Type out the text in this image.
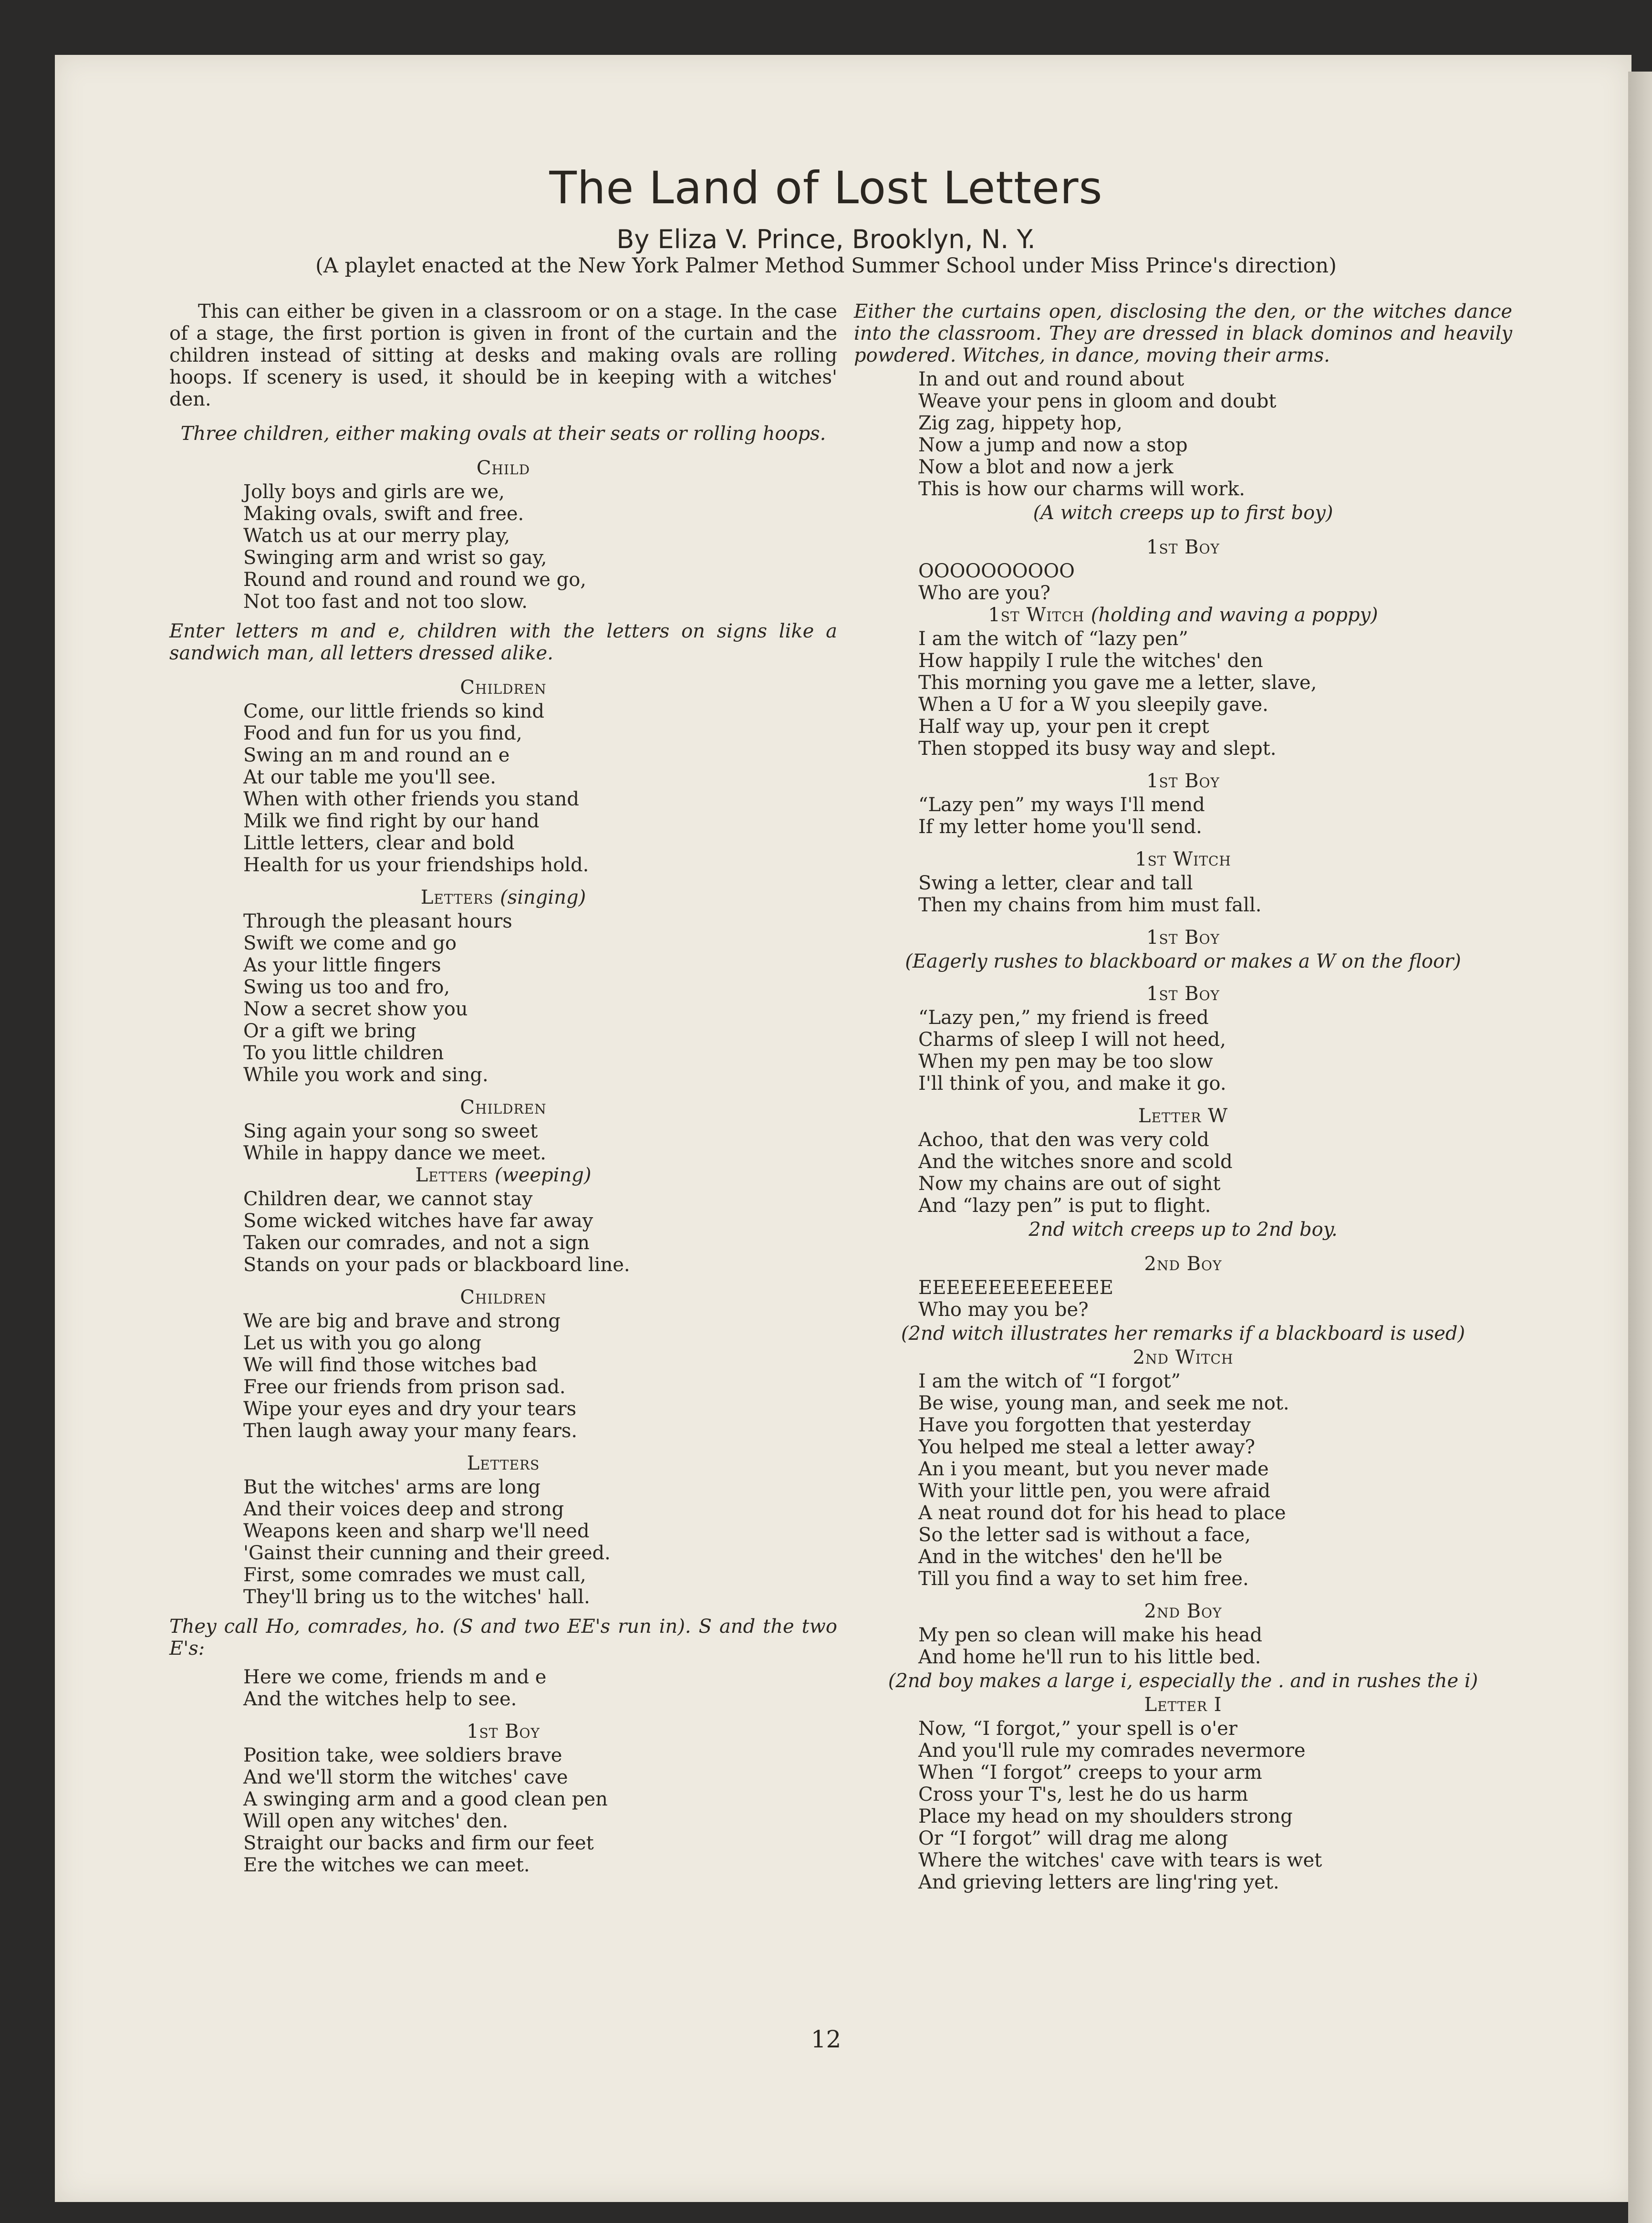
The Land of Lost Letters
By Eliza V. Prince, Brooklyn, N. Y.
(A playlet enacted at the New York Palmer Method Summer School under Miss Prince's direction)

This can either be given in a classroom or on a stage. In the case of a stage, the first portion is given in front of the curtain and the children instead of sitting at desks and making ovals are rolling hoops. If scenery is used, it should be in keeping with a witches' den.

Three children, either making ovals at their seats or rolling hoops.
Child
Jolly boys and girls are we,
Making ovals, swift and free.
Watch us at our merry play,
Swinging arm and wrist so gay,
Round and round and round we go,
Not too fast and not too slow.
Enter letters m and e, children with the letters on signs like a sandwich man, all letters dressed alike.
Children
Come, our little friends so kind
Food and fun for us you find,
Swing an m and round an e
At our table me you'll see.
When with other friends you stand
Milk we find right by our hand
Little letters, clear and bold
Health for us your friendships hold.
Letters (singing)
Through the pleasant hours
Swift we come and go
As your little fingers
Swing us too and fro,
Now a secret show you
Or a gift we bring
To you little children
While you work and sing.
Children
Sing again your song so sweet
While in happy dance we meet.
Letters (weeping)
Children dear, we cannot stay
Some wicked witches have far away
Taken our comrades, and not a sign
Stands on your pads or blackboard line.
Children
We are big and brave and strong
Let us with you go along
We will find those witches bad
Free our friends from prison sad.
Wipe your eyes and dry your tears
Then laugh away your many fears.
Letters
But the witches' arms are long
And their voices deep and strong
Weapons keen and sharp we'll need
'Gainst their cunning and their greed.
First, some comrades we must call,
They'll bring us to the witches' hall.
They call Ho, comrades, ho. (S and two EE's run in). S and the two E's:
Here we come, friends m and e
And the witches help to see.
1st Boy
Position take, wee soldiers brave
And we'll storm the witches' cave
A swinging arm and a good clean pen
Will open any witches' den.
Straight our backs and firm our feet
Ere the witches we can meet.
Either the curtains open, disclosing the den, or the witches dance into the classroom. They are dressed in black dominos and heavily powdered. Witches, in dance, moving their arms.
In and out and round about
Weave your pens in gloom and doubt
Zig zag, hippety hop,
Now a jump and now a stop
Now a blot and now a jerk
This is how our charms will work.
(A witch creeps up to first boy)
1st Boy
OOOOOOOOOO
Who are you?
1st Witch (holding and waving a poppy)
I am the witch of “lazy pen”
How happily I rule the witches' den
This morning you gave me a letter, slave,
When a U for a W you sleepily gave.
Half way up, your pen it crept
Then stopped its busy way and slept.
1st Boy
“Lazy pen” my ways I'll mend
If my letter home you'll send.
1st Witch
Swing a letter, clear and tall
Then my chains from him must fall.
1st Boy
(Eagerly rushes to blackboard or makes a W on the floor)
1st Boy
“Lazy pen,” my friend is freed
Charms of sleep I will not heed,
When my pen may be too slow
I'll think of you, and make it go.
Letter W
Achoo, that den was very cold
And the witches snore and scold
Now my chains are out of sight
And “lazy pen” is put to flight.
2nd witch creeps up to 2nd boy.
2nd Boy
EEEEEEEEEEEEEE
Who may you be?
(2nd witch illustrates her remarks if a blackboard is used)
2nd Witch
I am the witch of “I forgot”
Be wise, young man, and seek me not.
Have you forgotten that yesterday
You helped me steal a letter away?
An i you meant, but you never made
With your little pen, you were afraid
A neat round dot for his head to place
So the letter sad is without a face,
And in the witches' den he'll be
Till you find a way to set him free.
2nd Boy
My pen so clean will make his head
And home he'll run to his little bed.
(2nd boy makes a large i, especially the . and in rushes the i)
Letter I
Now, “I forgot,” your spell is o'er
And you'll rule my comrades nevermore
When “I forgot” creeps to your arm
Cross your T's, lest he do us harm
Place my head on my shoulders strong
Or “I forgot” will drag me along
Where the witches' cave with tears is wet
And grieving letters are ling'ring yet.
12
